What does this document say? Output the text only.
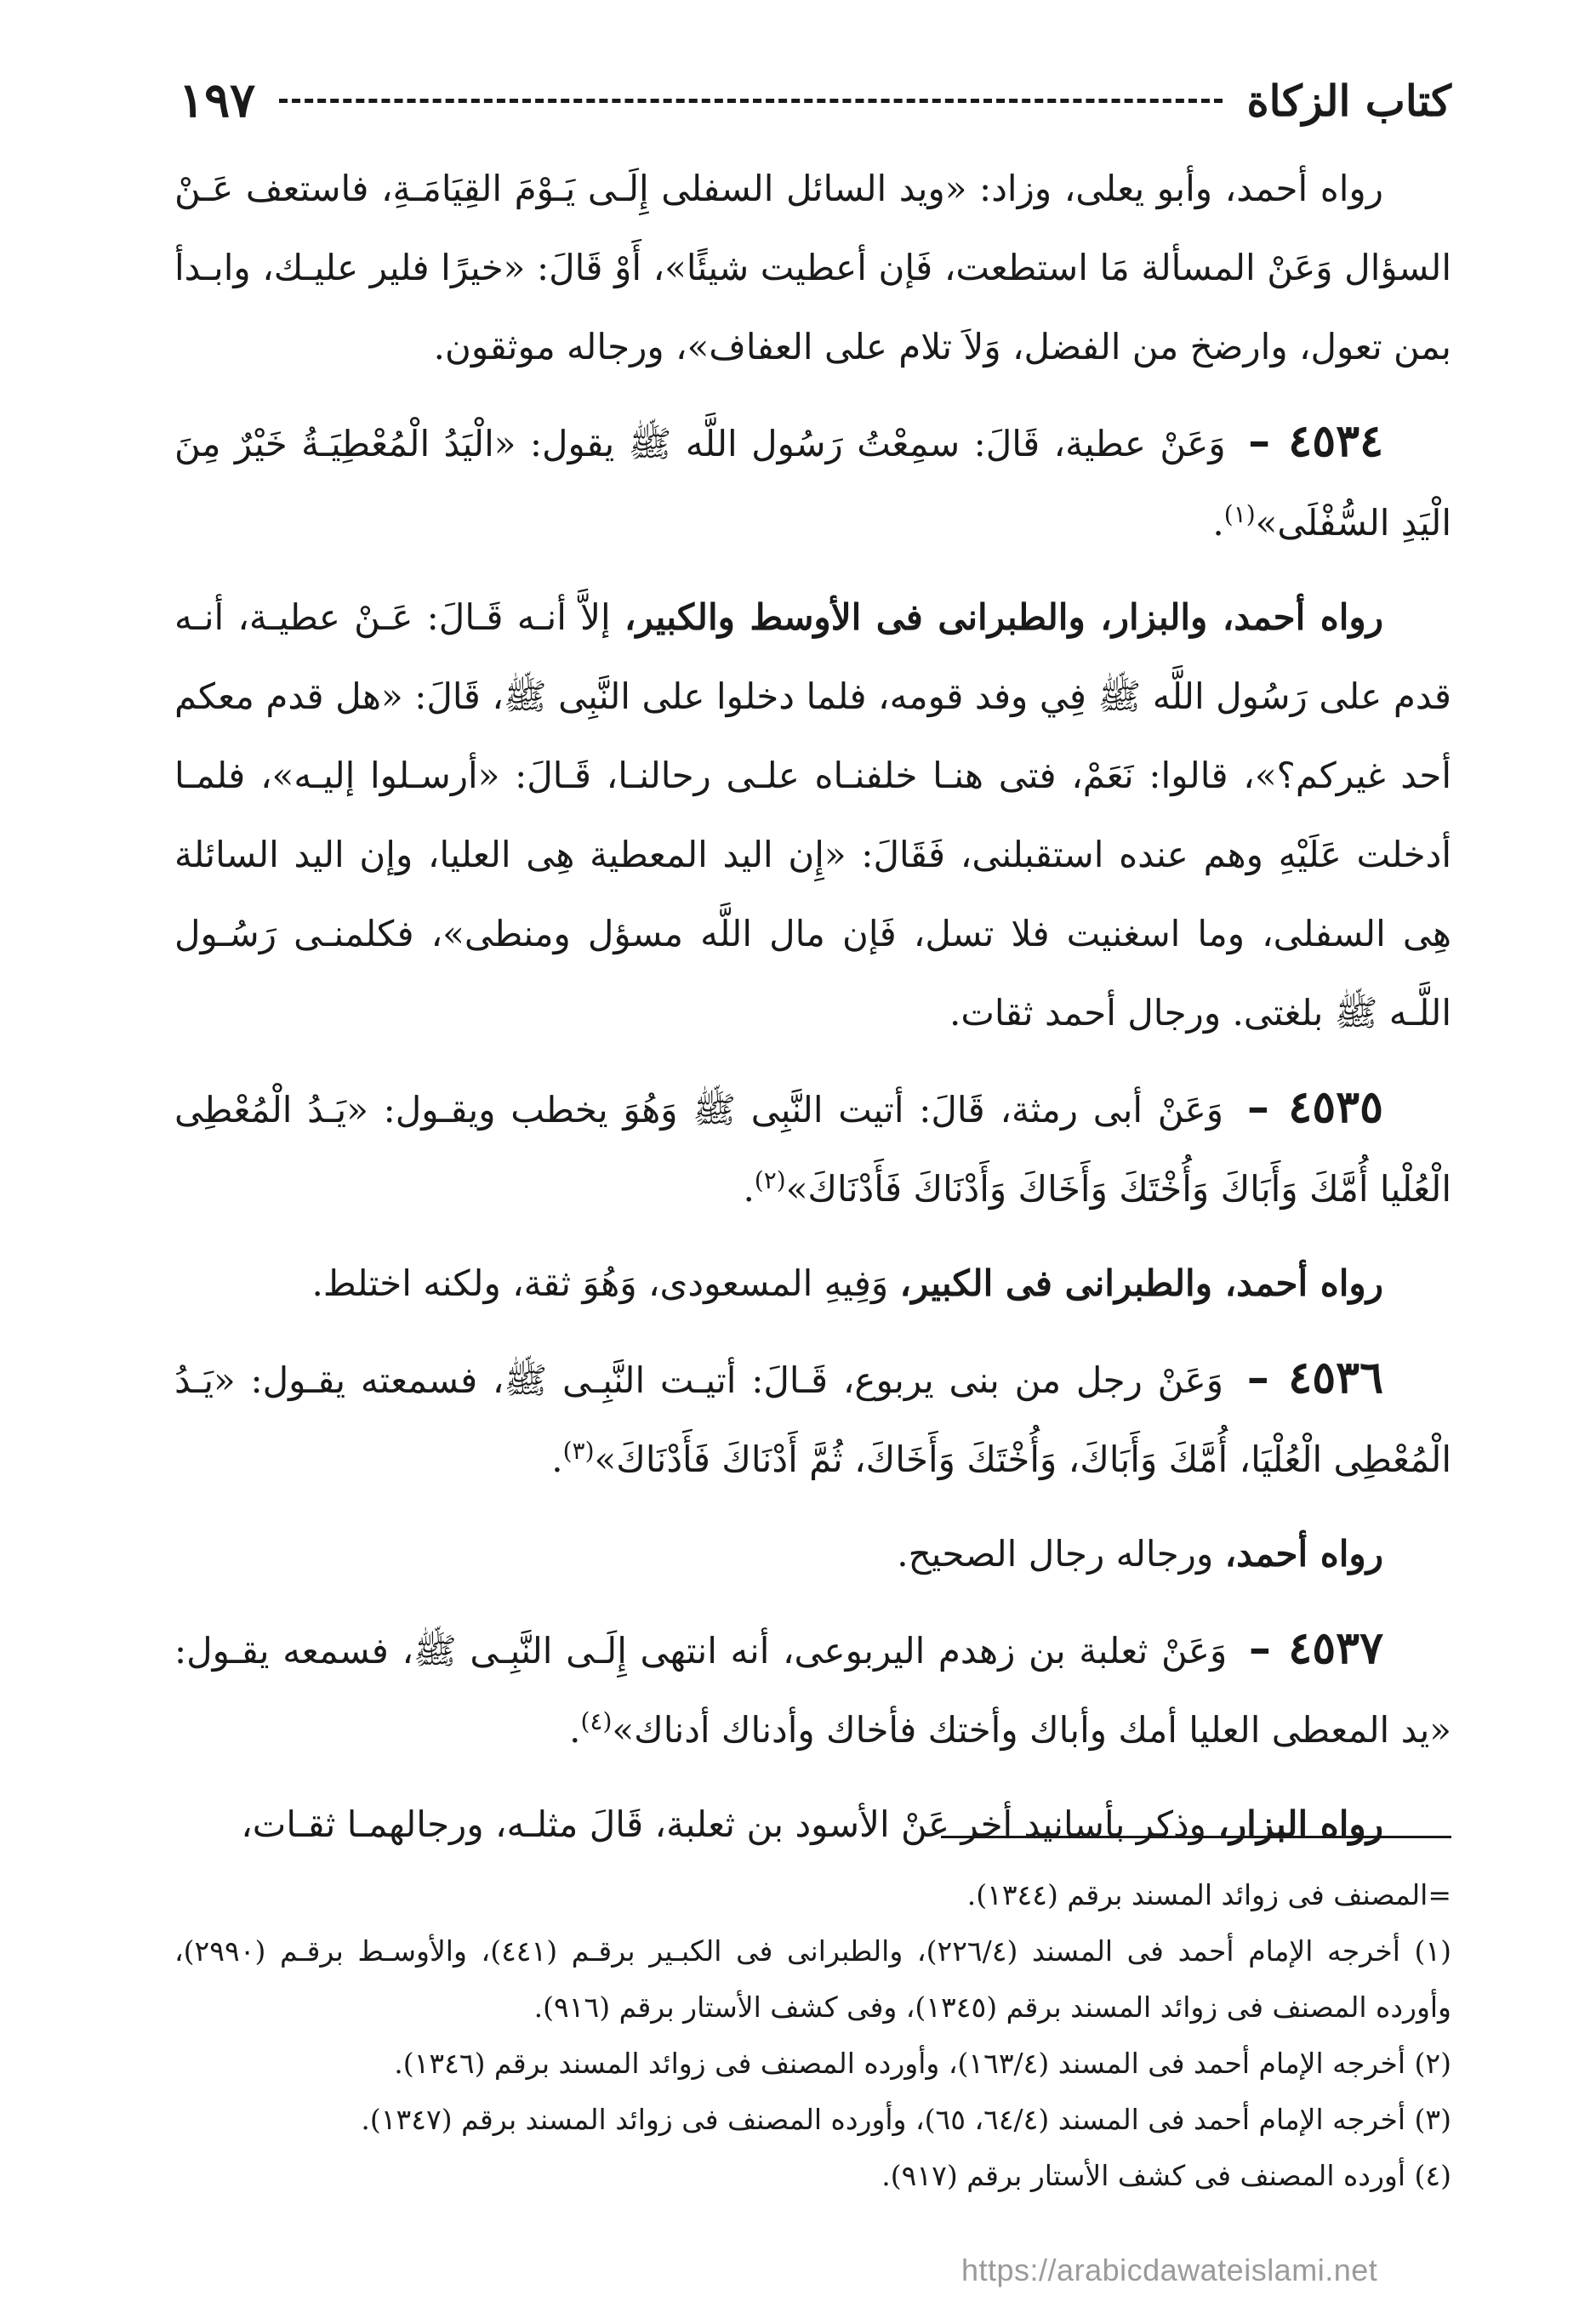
كتاب الزكاة
١٩٧

رواه أحمد، وأبو يعلى، وزاد: «ويد السائل السفلى إِلَـى يَـوْمَ القِيَامَـةِ، فاستعف عَـنْ السؤال وَعَنْ المسألة مَا استطعت، فَإن أعطيت شيئًا»، أَوْ قَالَ: «خيرًا فلير عليـك، وابـدأ بمن تعول، وارضخ من الفضل، وَلاَ تلام على العفاف»، ورجاله موثقون.

٤٥٣٤ – وَعَنْ عطية، قَالَ: سمِعْتُ رَسُول اللَّه ﷺ يقول: «الْيَدُ الْمُعْطِيَـةُ خَيْرٌ مِنَ الْيَدِ السُّفْلَى»$^{(١)}$.

رواه أحمد، والبزار، والطبرانى فى الأوسط والكبير، إلاَّ أنـه قَـالَ: عَـنْ عطيـة، أنـه قدم على رَسُول اللَّه ﷺ فِي وفد قومه، فلما دخلوا على النَّبِى ﷺ، قَالَ: «هل قدم معكم أحد غيركم؟»، قالوا: نَعَمْ، فتى هنـا خلفنـاه علـى رحالنـا، قَـالَ: «أرسـلوا إليـه»، فلمـا أدخلت عَلَيْهِ وهم عنده استقبلنى، فَقَالَ: «إِن اليد المعطية هِى العليا، وإن اليد السائلة هِى السفلى، وما اسغنيت فلا تسل، فَإن مال اللَّه مسؤل ومنطى»، فكلمنـى رَسُـول اللَّـه ﷺ بلغتى. ورجال أحمد ثقات.

٤٥٣٥ – وَعَنْ أبى رمثة، قَالَ: أتيت النَّبِى ﷺ وَهُوَ يخطب ويقـول: «يَـدُ الْمُعْطِى الْعُلْيا أُمَّكَ وَأَبَاكَ وَأُخْتَكَ وَأَخَاكَ وَأَدْنَاكَ فَأَدْنَاكَ»$^{(٢)}$.

رواه أحمد، والطبرانى فى الكبير، وَفِيهِ المسعودى، وَهُوَ ثقة، ولكنه اختلط.

٤٥٣٦ – وَعَنْ رجل من بنى يربوع، قَـالَ: أتيـت النَّبِـى ﷺ، فسمعته يقـول: «يَـدُ الْمُعْطِى الْعُلْيَا، أُمَّكَ وَأَبَاكَ، وَأُخْتَكَ وَأَخَاكَ، ثُمَّ أَدْنَاكَ فَأَدْنَاكَ»$^{(٣)}$.

رواه أحمد، ورجاله رجال الصحيح.

٤٥٣٧ – وَعَنْ ثعلبة بن زهدم اليربوعى، أنه انتهى إِلَـى النَّبِـى ﷺ، فسمعه يقـول: «يد المعطى العليا أمك وأباك وأختك فأخاك وأدناك أدناك»$^{(٤)}$.

رواه البزار، وذكر بأسانيد أخر عَنْ الأسود بن ثعلبة، قَالَ مثلـه، ورجالهمـا ثقـات،

=المصنف فى زوائد المسند برقم (١٣٤٤).

(١) أخرجه الإمام أحمد فى المسند (٢٢٦/٤)، والطبرانى فى الكبـير برقـم (٤٤١)، والأوسـط برقـم (٢٩٩٠)، وأورده المصنف فى زوائد المسند برقم (١٣٤٥)، وفى كشف الأستار برقم (٩١٦).

(٢) أخرجه الإمام أحمد فى المسند (١٦٣/٤)، وأورده المصنف فى زوائد المسند برقم (١٣٤٦).

(٣) أخرجه الإمام أحمد فى المسند (٦٤/٤، ٦٥)، وأورده المصنف فى زوائد المسند برقم (١٣٤٧).

(٤) أورده المصنف فى كشف الأستار برقم (٩١٧).

https://arabicdawateislami.net
